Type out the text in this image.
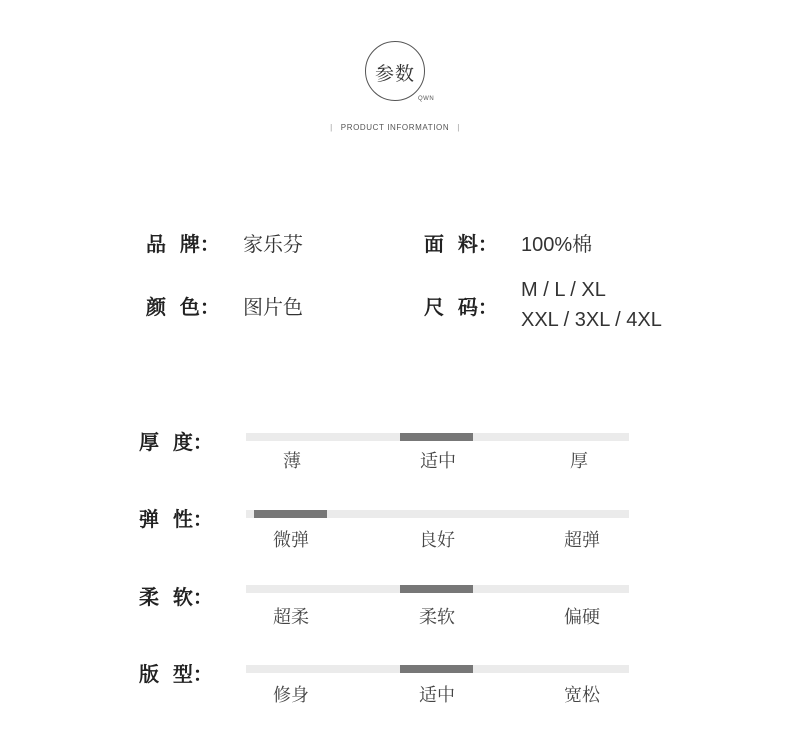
参数
QWN
| PRODUCT INFORMATION |
品  牌： 家乐芬	面  料： 100%棉
颜  色： 图片色	尺  码：
M / L / XL
XXL / 3XL / 4XL
厚  度：
薄	适中	厚
弹  性：
微弹	良好	超弹
柔  软：
超柔	柔软	偏硬
版  型：
修身	适中	宽松
